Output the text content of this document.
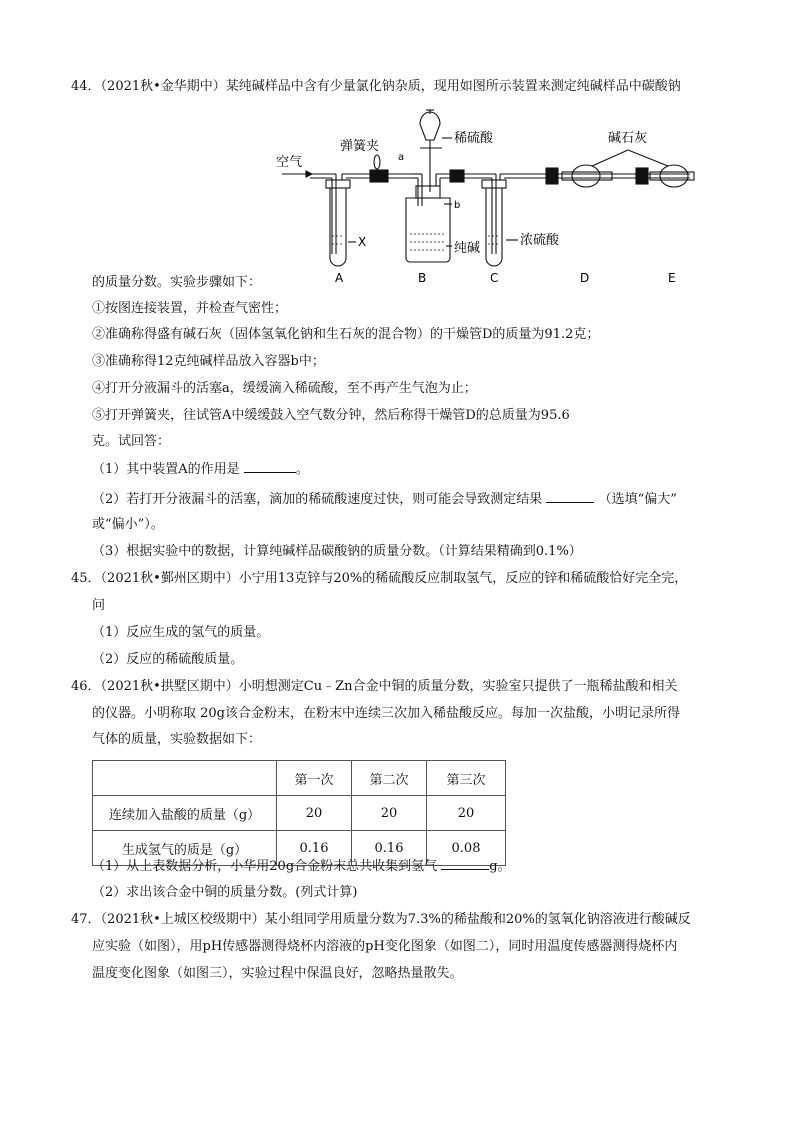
44．（2021秋•金华期中）某纯碱样品中含有少量氯化钠杂质，现用如图所示装置来测定纯碱样品中碳酸钠
空气
弹簧夹
稀硫酸
a
b
X	纯碱
浓硫酸
碱石灰
A	B	C	D	E
的质量分数。实验步骤如下：
①按图连接装置，并检查气密性；
②准确称得盛有碱石灰（固体氢氧化钠和生石灰的混合物）的干燥管D的质量为91.2克；
③准确称得12克纯碱样品放入容器b中；
④打开分液漏斗的活塞a，缓缓滴入稀硫酸，至不再产生气泡为止；
⑤打开弹簧夹，往试管A中缓缓鼓入空气数分钟，然后称得干燥管D的总质量为95.6
克。试回答：
（1）其中装置A的作用是	。
（2）若打开分液漏斗的活塞，滴加的稀硫酸速度过快，则可能会导致测定结果	（选填“偏大”
或“偏小”）。
（3）根据实验中的数据，计算纯碱样品碳酸钠的质量分数。（计算结果精确到0.1%）
45．（2021秋•鄞州区期中）小宁用13克锌与20%的稀硫酸反应制取氢气，反应的锌和稀硫酸恰好完全完，
问
（1）反应生成的氢气的质量。
（2）反应的稀硫酸质量。
46．（2021秋•拱墅区期中）小明想测定Cu﹣Zn合金中铜的质量分数，实验室只提供了一瓶稀盐酸和相关
的仪器。小明称取 20g该合金粉末，在粉末中连续三次加入稀盐酸反应。每加一次盐酸，小明记录所得
气体的质量，实验数据如下：
	第一次	第二次	第三次
连续加入盐酸的质量（g）	20	20	20
生成氢气的质是（g）	0.16	0.16	0.08
（1）从上表数据分析，小华用20g合金粉末总共收集到氢气	g。
（2）求出该合金中铜的质量分数。(列式计算)
47．（2021秋•上城区校级期中）某小组同学用质量分数为7.3%的稀盐酸和20%的氢氧化钠溶液进行酸碱反
应实验（如图），用pH传感器测得烧杯内溶液的pH变化图象（如图二），同时用温度传感器测得烧杯内
温度变化图象（如图三），实验过程中保温良好，忽略热量散失。
